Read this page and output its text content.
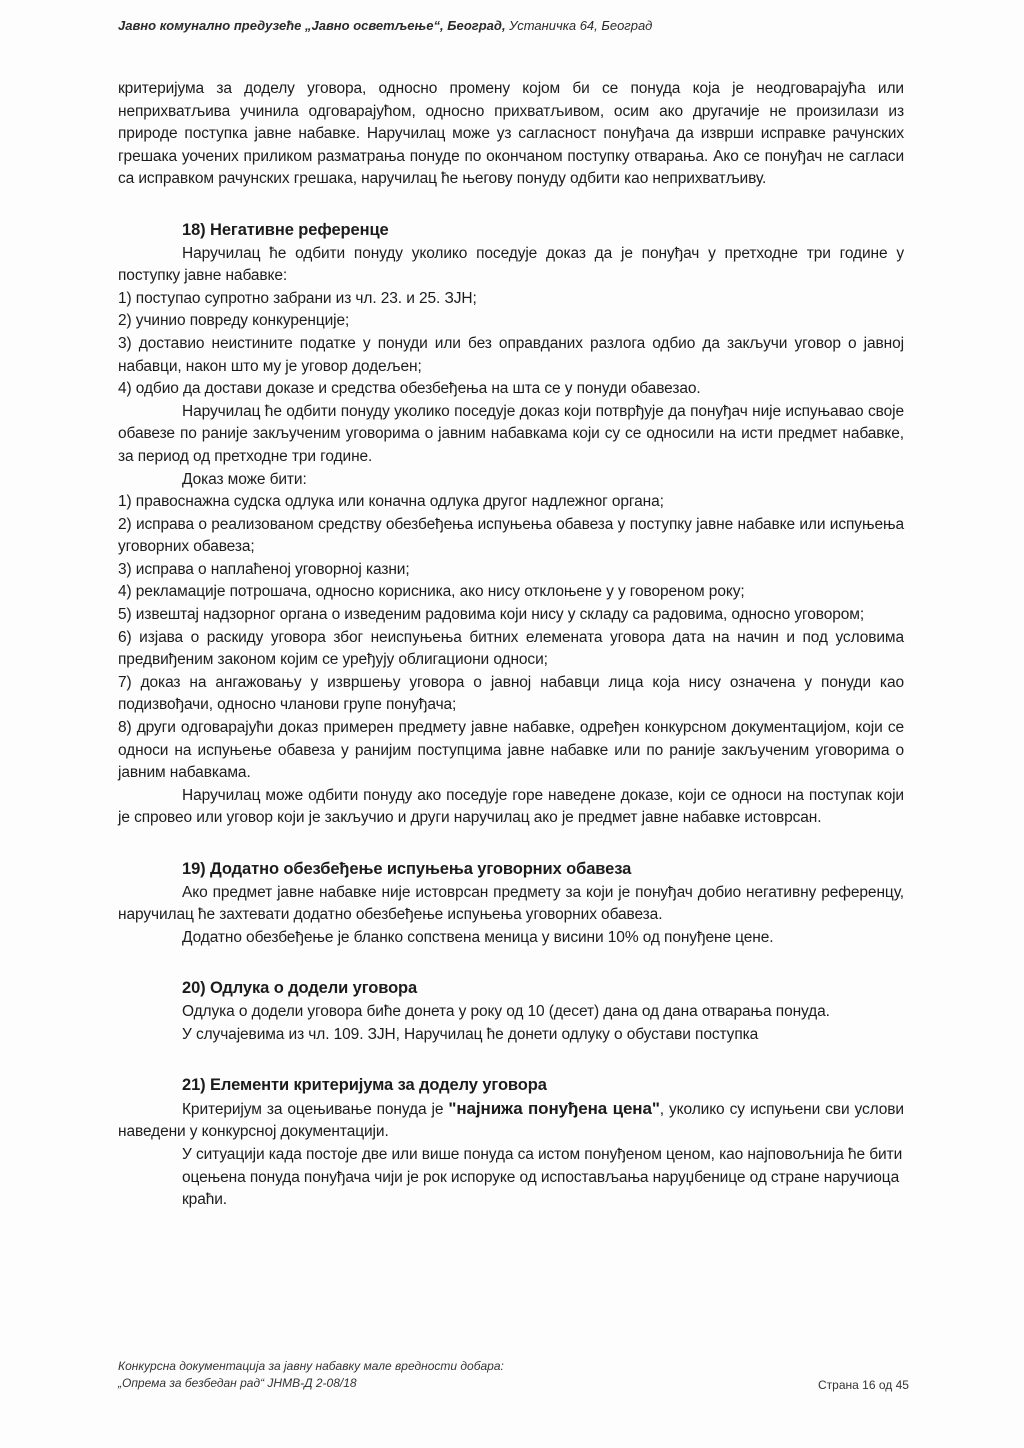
Јавно комунално предузеће „Јавно осветљење“, Београд, Устаничка 64, Београд

критеријума за доделу уговора, односно промену којом би се понуда која је неодговарајућа или неприхватљива учинила одговарајућом, односно прихватљивом, осим ако другачије не произилази из природе поступка јавне набавке. Наручилац може уз сагласност понуђача да изврши исправке рачунских грешака уочених приликом разматрања понуде по окончаном поступку отварања. Ако се понуђач не сагласи са исправком рачунских грешака, наручилац ће његову понуду одбити као неприхватљиву.

18) Негативне референце

Наручилац ће одбити понуду уколико поседује доказ да је понуђач у претходне три године у поступку јавне набавке:

1) поступао супротно забрани из чл. 23. и 25. ЗЈН;

2) учинио повреду конкуренције;

3) доставио неистините податке у понуди или без оправданих разлога одбио да закључи уговор о јавној набавци, након што му је уговор додељен;

4) одбио да достави доказе и средства обезбеђења на шта се у понуди обавезао.

Наручилац ће одбити понуду уколико поседује доказ који потврђује да понуђач није испуњавао своје обавезе по раније закљученим уговорима о јавним набавкама који су се односили на исти предмет набавке, за период од претходне три године.

Доказ може бити:

1) правоснажна судска одлука или коначна одлука другог надлежног органа;

2) исправа о реализованом средству обезбеђења испуњења обавеза у поступку јавне набавке или испуњења уговорних обавеза;

3) исправа о наплаћеној уговорној казни;

4) рекламације потрошача, односно корисника, ако нису отклоњене у у говореном року;

5) извештај надзорног органа о изведеним радовима који нису у складу са радовима, односно уговором;

6) изјава о раскиду уговора због неиспуњења битних елемената уговора дата на начин и под условима предвиђеним законом којим се уређују облигациони односи;

7) доказ на ангажовању у извршењу уговора о јавној набавци лица која нису означена у понуди као подизвођачи, односно чланови групе понуђача;

8) други одговарајући доказ примерен предмету јавне набавке, одређен конкурсном документацијом, који се односи на испуњење обавеза у ранијим поступцима јавне набавке или по раније закљученим уговорима о јавним набавкама.

Наручилац може одбити понуду ако поседује горе наведене доказе, који се односи на поступак који је спровео или уговор који је закључио и други наручилац ако је предмет јавне набавке истоврсан.

19) Додатно обезбеђење испуњења уговорних обавеза

Ако предмет јавне набавке није истоврсан предмету за који је понуђач добио негативну референцу, наручилац ће захтевати додатно обезбеђење испуњења уговорних обавеза.

Додатно обезбеђење је бланко сопствена меница у висини 10% од понуђене цене.

20) Одлука о додели уговора

Одлука о додели уговора биће донета у року од 10 (десет) дана од дана отварања понуда.

У случајевима из чл. 109. ЗЈН, Наручилац ће донети одлуку о обустави поступка

21) Елементи критеријума за доделу уговора

Критеријум за оцењивање понуда је "најнижа понуђена цена", уколико су испуњени сви услови наведени у конкурсној документацији.

У ситуацији када постоје две или више понуда са истом понуђеном ценом, као најповољнија ће бити оцењена понуда понуђача чији је рок испоруке од испостављања наруџбенице од стране наручиоца краћи.

Конкурсна документација за јавну набавку мале вредности добара:
„Опрема за безбедан рад“ ЈНМВ-Д 2-08/18	Страна 16 од 45
